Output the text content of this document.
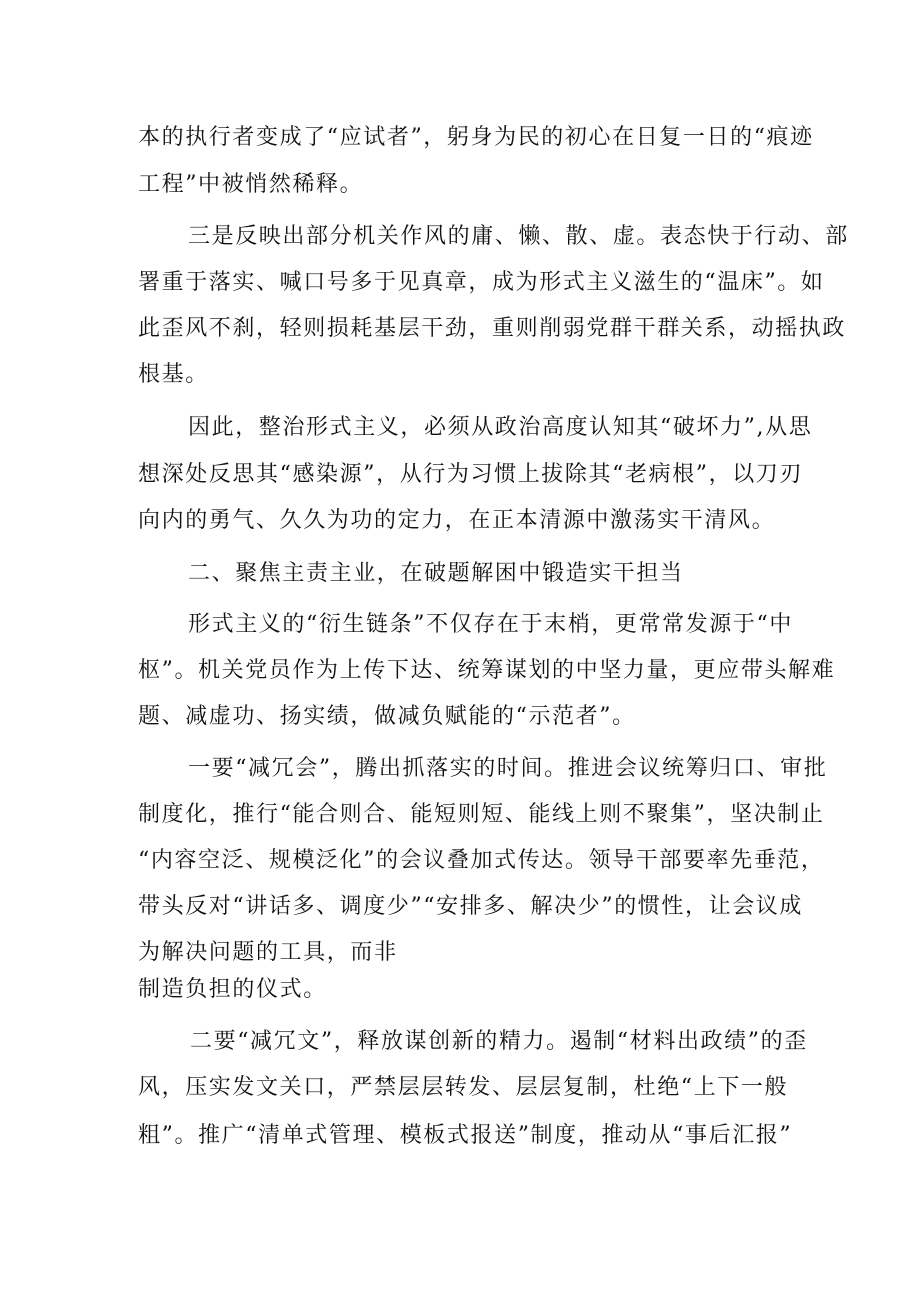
本的执行者变成了“应试者”，躬身为民的初心在日复一日的“痕迹
工程”中被悄然稀释。
三是反映出部分机关作风的庸、懒、散、虚。表态快于行动、部
署重于落实、喊口号多于见真章，成为形式主义滋生的“温床”。如
此歪风不刹，轻则损耗基层干劲，重则削弱党群干群关系，动摇执政
根基。
因此，整治形式主义，必须从政治高度认知其“破坏力”,从思
想深处反思其“感染源”，从行为习惯上拔除其“老病根”，以刀刃
向内的勇气、久久为功的定力，在正本清源中激荡实干清风。
二、聚焦主责主业，在破题解困中锻造实干担当
形式主义的“衍生链条”不仅存在于末梢，更常常发源于“中
枢”。机关党员作为上传下达、统筹谋划的中坚力量，更应带头解难
题、减虚功、扬实绩，做减负赋能的“示范者”。
一要“减冗会”，腾出抓落实的时间。推进会议统筹归口、审批
制度化，推行“能合则合、能短则短、能线上则不聚集”，坚决制止
“内容空泛、规模泛化”的会议叠加式传达。领导干部要率先垂范，
带头反对“讲话多、调度少”“安排多、解决少”的惯性，让会议成
为解决问题的工具，而非
制造负担的仪式。
二要“减冗文”，释放谋创新的精力。遏制“材料出政绩”的歪
风，压实发文关口，严禁层层转发、层层复制，杜绝“上下一般
粗”。推广“清单式管理、模板式报送”制度，推动从“事后汇报”
